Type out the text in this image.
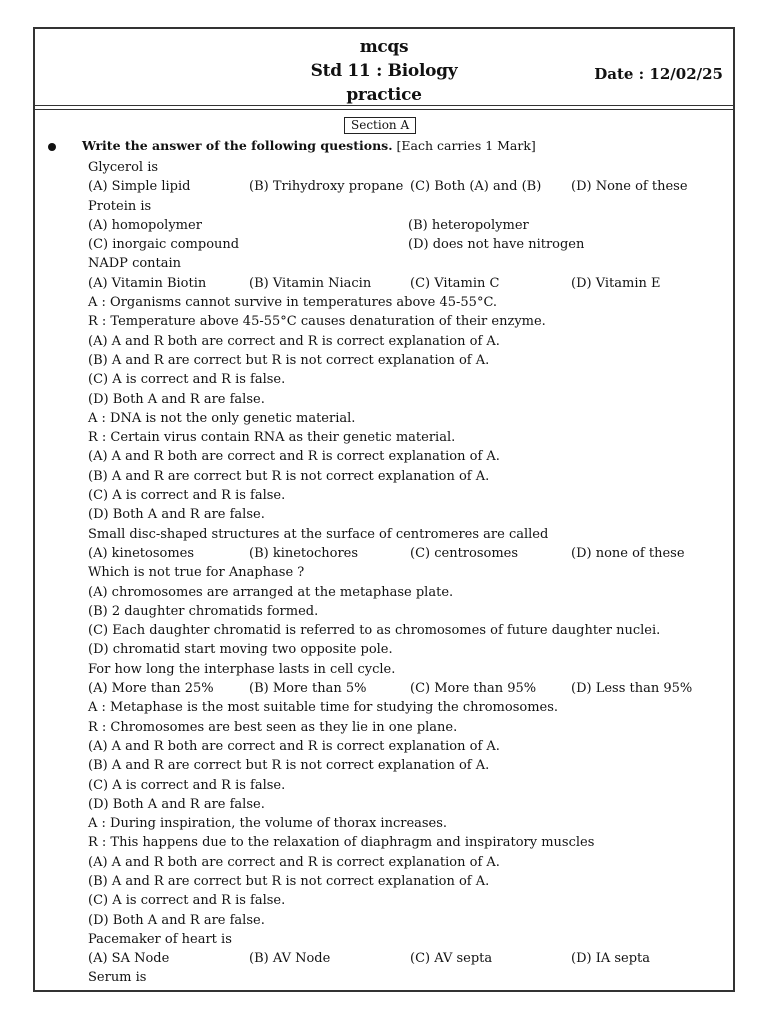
mcqs
Std 11 : Biology
practice
Date : 12/02/25
Section A
Write the answer of the following questions. [Each carries 1 Mark]
Glycerol is
(A) Simple lipid	(B) Trihydroxy propane (C) Both (A) and (B)	(D) None of these
Protein is
(A) homopolymer	(B) heteropolymer
(C) inorgaic compound	(D) does not have nitrogen
NADP contain
(A) Vitamin Biotin	(B) Vitamin Niacin	(C) Vitamin C	(D) Vitamin E
A : Organisms cannot survive in temperatures above 45-55°C.
R : Temperature above 45-55°C causes denaturation of their enzyme.
(A) A and R both are correct and R is correct explanation of A.
(B) A and R are correct but R is not correct explanation of A.
(C) A is correct and R is false.
(D) Both A and R are false.
A : DNA is not the only genetic material.
R : Certain virus contain RNA as their genetic material.
(A) A and R both are correct and R is correct explanation of A.
(B) A and R are correct but R is not correct explanation of A.
(C) A is correct and R is false.
(D) Both A and R are false.
Small disc-shaped structures at the surface of centromeres are called
(A) kinetosomes	(B) kinetochores	(C) centrosomes	(D) none of these
Which is not true for Anaphase ?
(A) chromosomes are arranged at the metaphase plate.
(B) 2 daughter chromatids formed.
(C) Each daughter chromatid is referred to as chromosomes of future daughter nuclei.
(D) chromatid start moving two opposite pole.
For how long the interphase lasts in cell cycle.
(A) More than 25%	(B) More than 5%	(C) More than 95%	(D) Less than 95%
A : Metaphase is the most suitable time for studying the chromosomes.
R : Chromosomes are best seen as they lie in one plane.
(A) A and R both are correct and R is correct explanation of A.
(B) A and R are correct but R is not correct explanation of A.
(C) A is correct and R is false.
(D) Both A and R are false.
A : During inspiration, the volume of thorax increases.
R : This happens due to the relaxation of diaphragm and inspiratory muscles
(A) A and R both are correct and R is correct explanation of A.
(B) A and R are correct but R is not correct explanation of A.
(C) A is correct and R is false.
(D) Both A and R are false.
Pacemaker of heart is
(A) SA Node	(B) AV Node	(C) AV septa	(D) IA septa
Serum is
